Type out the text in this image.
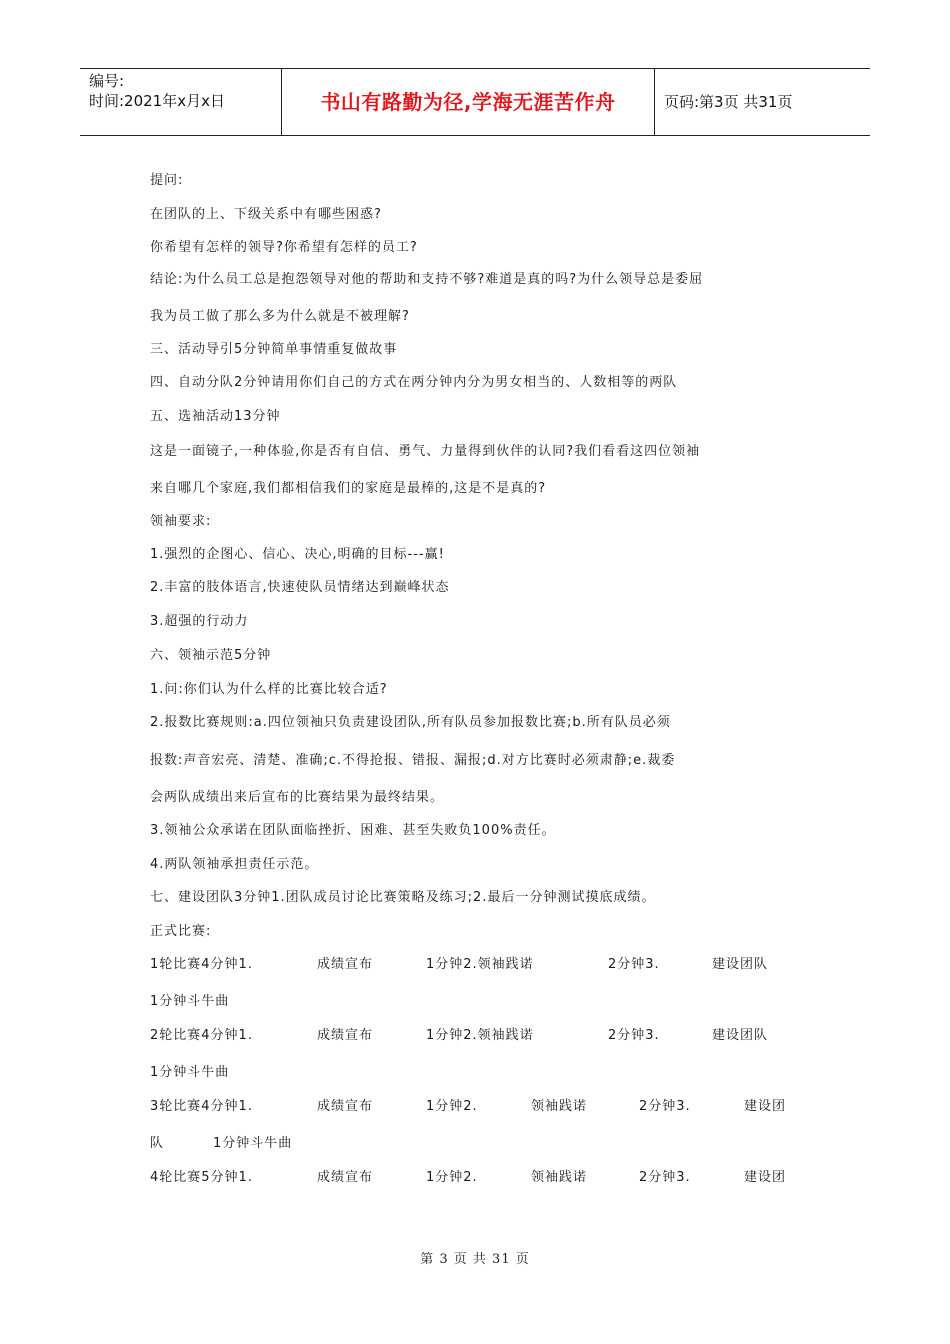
编号:
时间:2021年x月x日	书山有路勤为径,学海无涯苦作舟	页码:第3页 共31页
提问:
在团队的上、下级关系中有哪些困惑?
你希望有怎样的领导?你希望有怎样的员工?
结论:为什么员工总是抱怨领导对他的帮助和支持不够?难道是真的吗?为什么领导总是委屈
我为员工做了那么多为什么就是不被理解?
三、活动导引5分钟简单事情重复做故事
四、自动分队2分钟请用你们自己的方式在两分钟内分为男女相当的、人数相等的两队
五、选袖活动13分钟
这是一面镜子,一种体验,你是否有自信、勇气、力量得到伙伴的认同?我们看看这四位领袖
来自哪几个家庭,我们都相信我们的家庭是最棒的,这是不是真的?
领袖要求:
1.强烈的企图心、信心、决心,明确的目标---赢!
2.丰富的肢体语言,快速使队员情绪达到巅峰状态
3.超强的行动力
六、领袖示范5分钟
1.问:你们认为什么样的比赛比较合适?
2.报数比赛规则:a.四位领袖只负责建设团队,所有队员参加报数比赛;b.所有队员必须
报数:声音宏亮、清楚、准确;c.不得抢报、错报、漏报;d.对方比赛时必须肃静;e.裁委
会两队成绩出来后宣布的比赛结果为最终结果。
3.领袖公众承诺在团队面临挫折、困难、甚至失败负100%责任。
4.两队领袖承担责任示范。
七、建设团队3分钟1.团队成员讨论比赛策略及练习;2.最后一分钟测试摸底成绩。
正式比赛:
1轮比赛4分钟1.	成绩宣布	1分钟2.领袖践诺	2分钟3.	建设团队
1分钟斗牛曲
2轮比赛4分钟1.	成绩宣布	1分钟2.领袖践诺	2分钟3.	建设团队
1分钟斗牛曲
3轮比赛4分钟1.	成绩宣布	1分钟2.	领袖践诺	2分钟3.	建设团
队	1分钟斗牛曲
4轮比赛5分钟1.	成绩宣布	1分钟2.	领袖践诺	2分钟3.	建设团
第 3 页 共 31 页
